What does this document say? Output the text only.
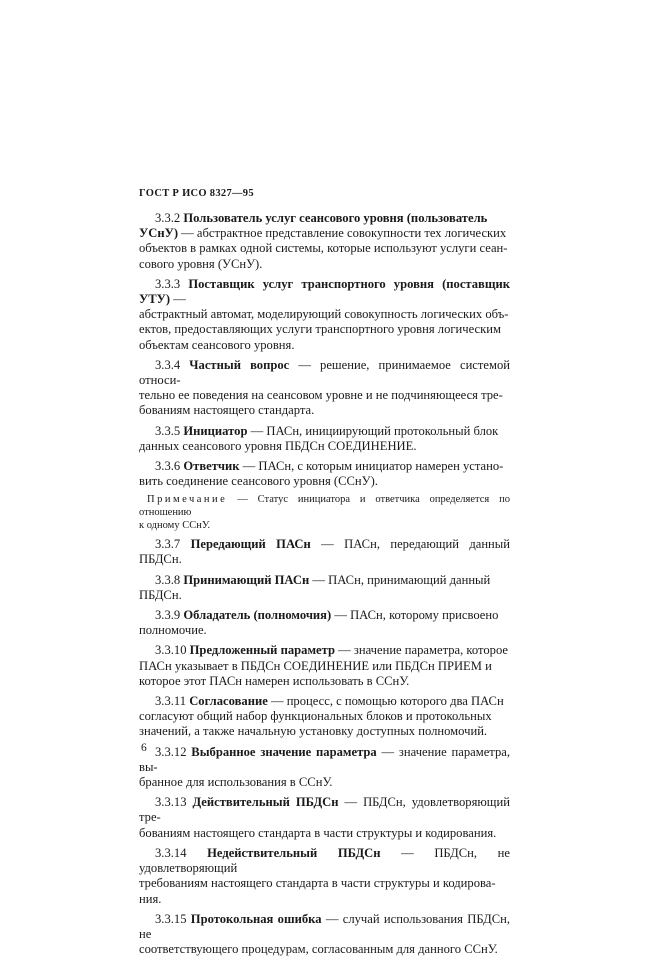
ГОСТ Р ИСО 8327—95

3.3.2 Пользователь услуг сеансового уровня (пользователь
УСнУ) — абстрактное представление совокупности тех логических
объектов в рамках одной системы, которые используют услуги сеан-
сового уровня (УСнУ).

3.3.3 Поставщик услуг транспортного уровня (поставщик УТУ) —
абстрактный автомат, моделирующий совокупность логических объ-
ектов, предоставляющих услуги транспортного уровня логическим
объектам сеансового уровня.

3.3.4 Частный вопрос — решение, принимаемое системой относи-
тельно ее поведения на сеансовом уровне и не подчиняющееся тре-
бованиям настоящего стандарта.

3.3.5 Инициатор — ПАСн, инициирующий протокольный блок
данных сеансового уровня ПБДСн СОЕДИНЕНИЕ.

3.3.6 Ответчик — ПАСн, с которым инициатор намерен устано-
вить соединение сеансового уровня (ССнУ).

Примечание — Статус инициатора и ответчика определяется по отношению
к одному ССнУ.

3.3.7 Передающий ПАСн — ПАСн, передающий данный ПБДСн.

3.3.8 Принимающий ПАСн — ПАСн, принимающий данный
ПБДСн.

3.3.9 Обладатель (полномочия) — ПАСн, которому присвоено
полномочие.

3.3.10 Предложенный параметр — значение параметра, которое
ПАСн указывает в ПБДСн СОЕДИНЕНИЕ или ПБДСн ПРИЕМ и
которое этот ПАСн намерен использовать в ССнУ.

3.3.11 Согласование — процесс, с помощью которого два ПАСн
согласуют общий набор функциональных блоков и протокольных
значений, а также начальную установку доступных полномочий.

3.3.12 Выбранное значение параметра — значение параметра, вы-
бранное для использования в ССнУ.

3.3.13 Действительный ПБДСн — ПБДСн, удовлетворяющий тре-
бованиям настоящего стандарта в части структуры и кодирования.

3.3.14 Недействительный ПБДСн — ПБДСн, не удовлетворяющий
требованиям настоящего стандарта в части структуры и кодирова-
ния.

3.3.15 Протокольная ошибка — случай использования ПБДСн, не
соответствующего процедурам, согласованным для данного ССнУ.

6
